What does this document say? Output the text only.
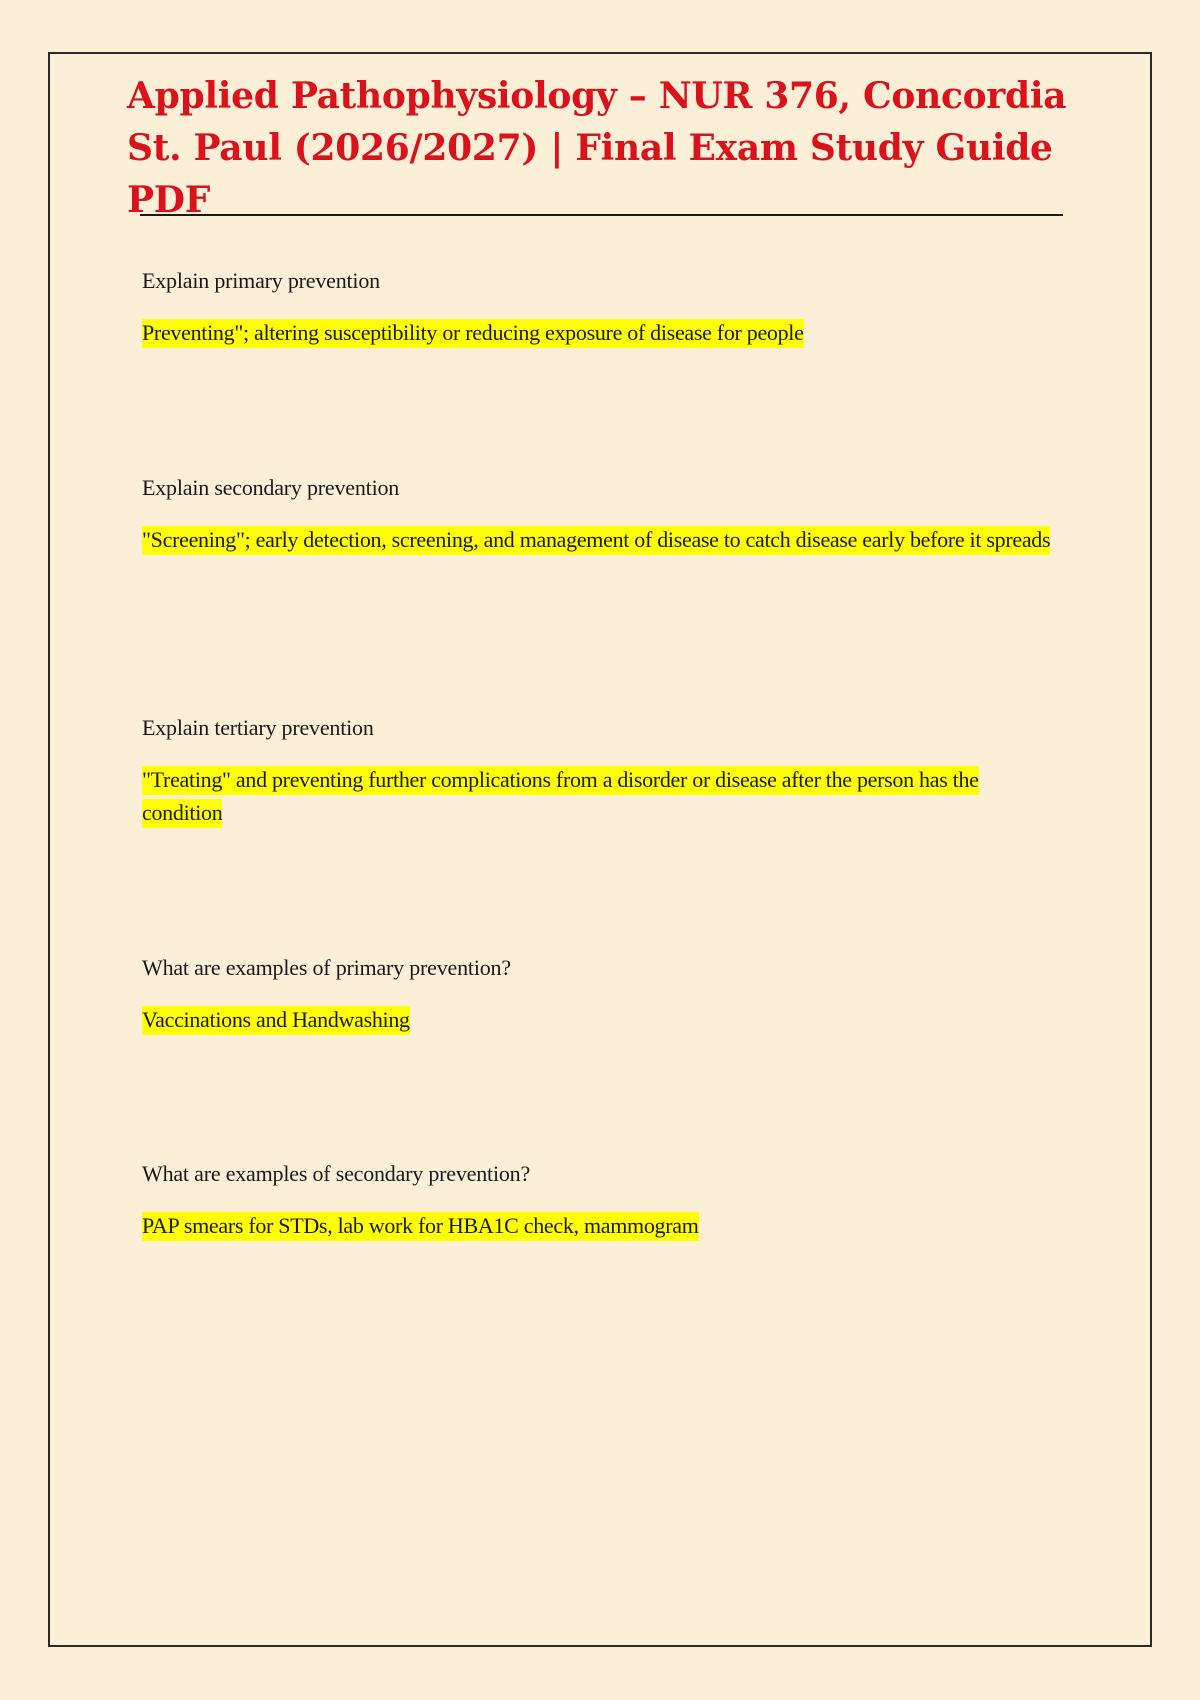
Applied Pathophysiology – NUR 376, Concordia St. Paul (2026/2027) | Final Exam Study Guide PDF

Explain primary prevention

Preventing"; altering susceptibility or reducing exposure of disease for people

Explain secondary prevention

"Screening"; early detection, screening, and management of disease to catch disease early before it spreads

Explain tertiary prevention

"Treating" and preventing further complications from a disorder or disease after the person has the condition

What are examples of primary prevention?

Vaccinations and Handwashing

What are examples of secondary prevention?

PAP smears for STDs, lab work for HBA1C check, mammogram
